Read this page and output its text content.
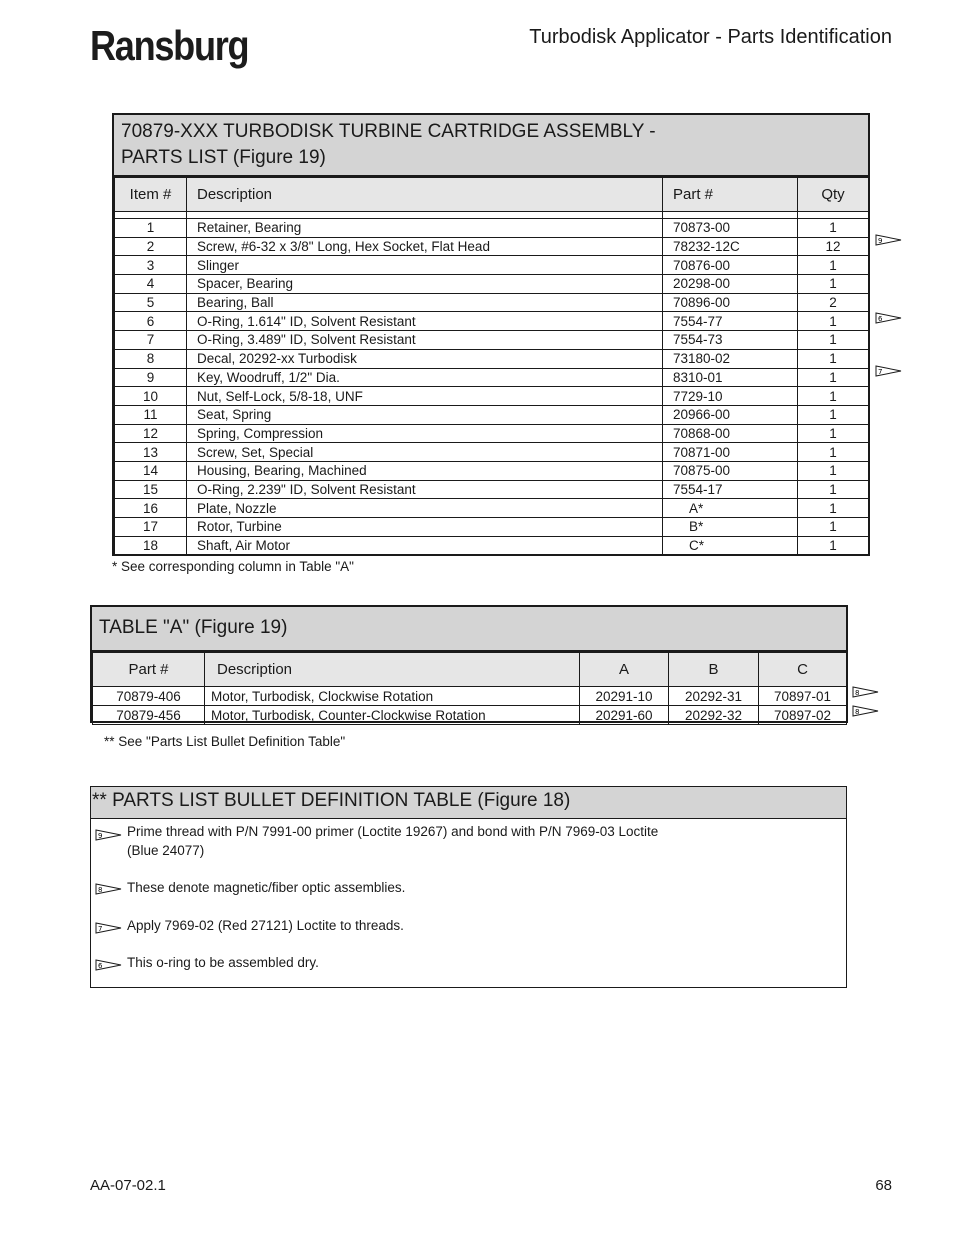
Ransburg	Turbodisk Applicator - Parts Identification
70879-XXX TURBODISK TURBINE CARTRIDGE ASSEMBLY -
PARTS LIST (Figure 19)
Item #	Description	Part #	Qty

1	Retainer, Bearing	70873-00	1
2	Screw, #6-32 x 3/8" Long, Hex Socket, Flat Head	78232-12C	12
3	Slinger	70876-00	1
4	Spacer, Bearing	20298-00	1
5	Bearing, Ball	70896-00	2
6	O-Ring, 1.614" ID, Solvent Resistant	7554-77	1
7	O-Ring, 3.489" ID, Solvent Resistant	7554-73	1
8	Decal, 20292-xx Turbodisk	73180-02	1
9	Key, Woodruff, 1/2" Dia.	8310-01	1
10	Nut, Self-Lock, 5/8-18, UNF	7729-10	1
11	Seat, Spring	20966-00	1
12	Spring, Compression	70868-00	1
13	Screw, Set, Special	70871-00	1
14	Housing, Bearing, Machined	70875-00	1
15	O-Ring, 2.239" ID, Solvent Resistant	7554-17	1
16	Plate, Nozzle	A*	1
17	Rotor, Turbine	B*	1
18	Shaft, Air Motor	C*	1
9
6
7
* See corresponding column in Table "A"
TABLE "A" (Figure 19)
Part #	Description	A	B	C
70879-406	Motor, Turbodisk, Clockwise Rotation	20291-10	20292-31	70897-01
70879-456	Motor, Turbodisk, Counter-Clockwise Rotation	20291-60	20292-32	70897-02
8
8
** See "Parts List Bullet Definition Table"
** PARTS LIST BULLET DEFINITION TABLE (Figure 18)
9 Prime thread with P/N 7991-00 primer (Loctite 19267) and bond with P/N 7969-03 Loctite
(Blue 24077)
8 These denote magnetic/fiber optic assemblies.
7 Apply 7969-02 (Red 27121) Loctite to threads.
6 This o-ring to be assembled dry.
AA-07-02.1	68
